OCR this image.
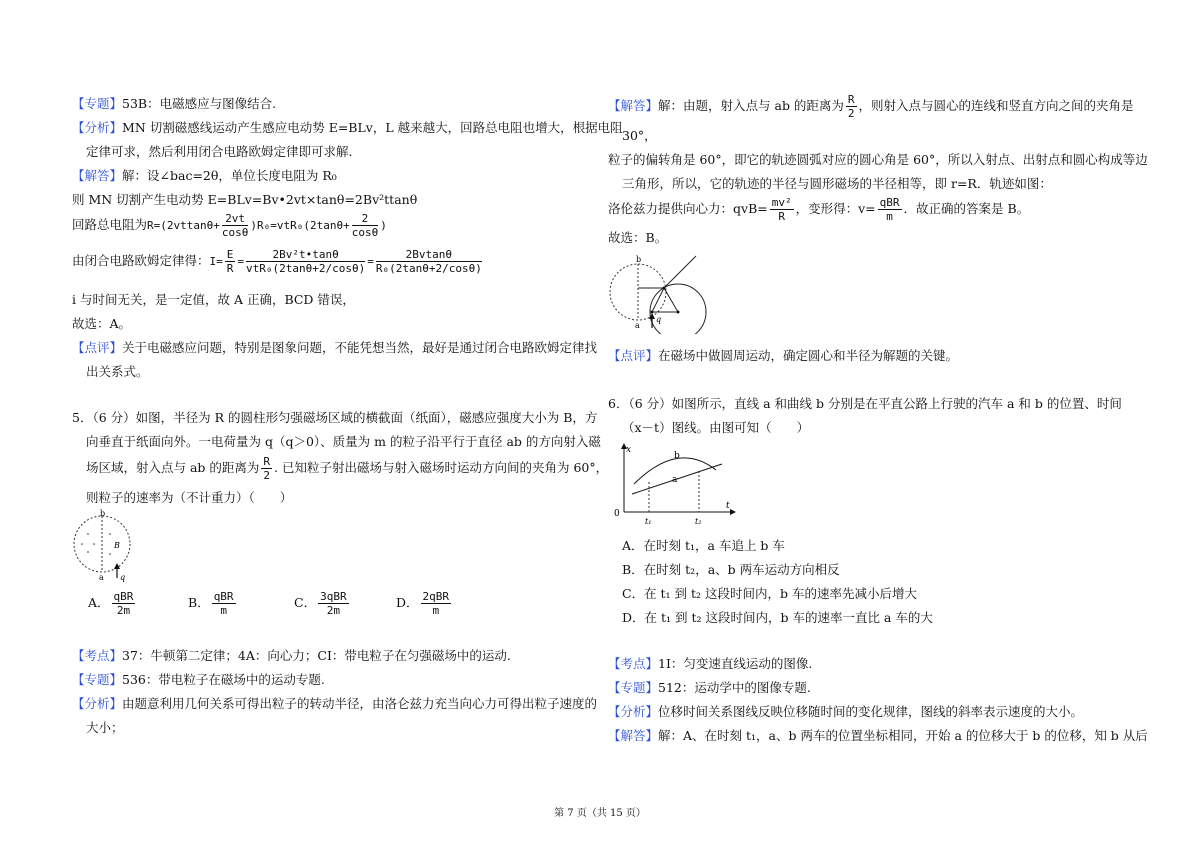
【专题】53B：电磁感应与图像结合.
【分析】MN 切割磁感线运动产生感应电动势 E=BLv，L 越来越大，回路总电阻也增大，根据电阻
定律可求，然后利用闭合电路欧姆定律即可求解.
【解答】解：设∠bac=2θ，单位长度电阻为 R₀
则 MN 切割产生电动势 E=BLv=Bv•2vt×tanθ=2Bv²ttanθ
回路总电阻为$R=(2vttan\theta+ \frac{2vt}{\cos\theta} )R_0=vtR_0(2\tan\theta+ \frac{2}{\cos\theta}$ )
由闭合电路欧姆定律得：$I= \frac{E}{R} = \frac{\text{2Bv²t•tanθ}}{\text{vtR₀(2tanθ+2/cosθ)}} = \frac{2Bvtan\theta}{\text{R₀(2tanθ+2/cosθ)}}$
i 与时间无关，是一定值，故 A 正确，BCD 错误，
故选：A。
【点评】关于电磁感应问题，特别是图象问题，不能凭想当然，最好是通过闭合电路欧姆定律找
出关系式。
5．（6 分）如图，半径为 R 的圆柱形匀强磁场区域的横截面（纸面），磁感应强度大小为 B，方
向垂直于纸面向外。一电荷量为 q（q＞0）、质量为 m 的粒子沿平行于直径 ab 的方向射入磁
场区域，射入点与 ab 的距离为 $\frac{R}{2}$ . 已知粒子射出磁场与射入磁场时运动方向间的夹角为 60°，
则粒子的速率为（不计重力）（　　）
b
a
B
q
A． $\frac{\text{qBR}}{2m}$	B． $\frac{\text{qBR}}{m}$	C． $\frac{\text{3qBR}}{2m}$	D． $\frac{\text{2qBR}}{m}$
【考点】37：牛顿第二定律；4A：向心力；CI：带电粒子在匀强磁场中的运动.
【专题】536：带电粒子在磁场中的运动专题.
【分析】由题意利用几何关系可得出粒子的转动半径，由洛仑兹力充当向心力可得出粒子速度的
大小；
【解答】解：由题，射入点与 ab 的距离为 $\frac{R}{2}$ ，则射入点与圆心的连线和竖直方向之间的夹角是
30°，
粒子的偏转角是 60°，即它的轨迹圆弧对应的圆心角是 60°，所以入射点、出射点和圆心构成等边
三角形，所以，它的轨迹的半径与圆形磁场的半径相等，即 r=R．轨迹如图：
洛伦兹力提供向心力：$qvB= \frac{\text{mv²}}{R}$ ，变形得：$v= \frac{\text{qBR}}{m}$ ．故正确的答案是 B。
故选：B。
b
a
q
【点评】在磁场中做圆周运动，确定圆心和半径为解题的关键。
6．（6 分）如图所示，直线 a 和曲线 b 分别是在平直公路上行驶的汽车 a 和 b 的位置、时间
（x－t）图线。由图可知（　　）
x
t
0
t₁	t₂
a
b
A．在时刻 t₁，a 车追上 b 车
B．在时刻 t₂，a、b 两车运动方向相反
C．在 t₁ 到 t₂ 这段时间内，b 车的速率先减小后增大
D．在 t₁ 到 t₂ 这段时间内，b 车的速率一直比 a 车的大
【考点】1I：匀变速直线运动的图像.
【专题】512：运动学中的图像专题.
【分析】位移时间关系图线反映位移随时间的变化规律，图线的斜率表示速度的大小。
【解答】解：A、在时刻 t₁，a、b 两车的位置坐标相同，开始 a 的位移大于 b 的位移，知 b 从后
第 7 页（共 15 页）
